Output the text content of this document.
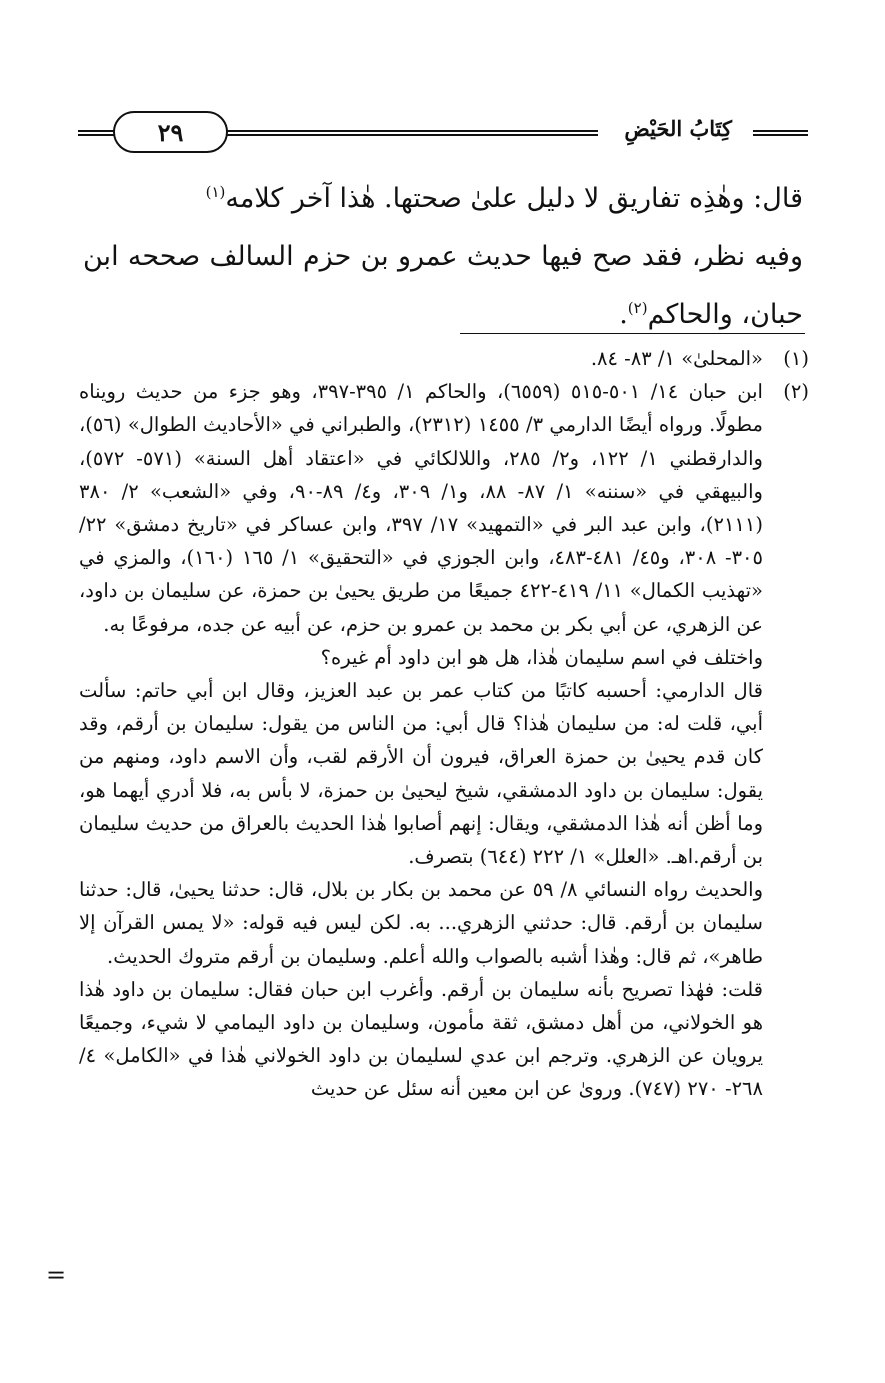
كِتَابُ الحَيْضِ
٢٩

قال: وهٰذِه تفاريق لا دليل علىٰ صحتها. هٰذا آخر كلامه$^{(١)}$

وفيه نظر، فقد صح فيها حديث عمرو بن حزم السالف صححه ابن حبان، والحاكم$^{(٢)}$.

(١)
«المحلىٰ» ١/ ٨٣- ٨٤.
(٢)

ابن حبان ١٤/ ٥٠١-٥١٥ (٦٥٥٩)، والحاكم ١/ ٣٩٥-٣٩٧، وهو جزء من حديث رويناه مطولًا. ورواه أيضًا الدارمي ٣/ ١٤٥٥ (٢٣١٢)، والطبراني في «الأحاديث الطوال» (٥٦)، والدارقطني ١/ ١٢٢، و٢/ ٢٨٥، واللالكائي في «اعتقاد أهل السنة» (٥٧١- ٥٧٢)، والبيهقي في «سننه» ١/ ٨٧- ٨٨، و١/ ٣٠٩، و٤/ ٨٩-٩٠، وفي «الشعب» ٢/ ٣٨٠ (٢١١١)، وابن عبد البر في «التمهيد» ١٧/ ٣٩٧، وابن عساكر في «تاريخ دمشق» ٢٢/ ٣٠٥- ٣٠٨، و٤٥/ ٤٨١-٤٨٣، وابن الجوزي في «التحقيق» ١/ ١٦٥ (١٦٠)، والمزي في «تهذيب الكمال» ١١/ ٤١٩-٤٢٢ جميعًا من طريق يحيىٰ بن حمزة، عن سليمان بن داود، عن الزهري، عن أبي بكر بن محمد بن عمرو بن حزم، عن أبيه عن جده، مرفوعًا به.

واختلف في اسم سليمان هٰذا، هل هو ابن داود أم غيره؟

قال الدارمي: أحسبه كاتبًا من كتاب عمر بن عبد العزيز، وقال ابن أبي حاتم: سألت أبي، قلت له: من سليمان هٰذا؟ قال أبي: من الناس من يقول: سليمان بن أرقم، وقد كان قدم يحيىٰ بن حمزة العراق، فيرون أن الأرقم لقب، وأن الاسم داود، ومنهم من يقول: سليمان بن داود الدمشقي، شيخ ليحيىٰ بن حمزة، لا بأس به، فلا أدري أيهما هو، وما أظن أنه هٰذا الدمشقي، ويقال: إنهم أصابوا هٰذا الحديث بالعراق من حديث سليمان بن أرقم.اهـ. «العلل» ١/ ٢٢٢ (٦٤٤) بتصرف.

والحديث رواه النسائي ٨/ ٥٩ عن محمد بن بكار بن بلال، قال: حدثنا يحيىٰ، قال: حدثنا سليمان بن أرقم. قال: حدثني الزهري... به. لكن ليس فيه قوله: «لا يمس القرآن إلا طاهر»، ثم قال: وهٰذا أشبه بالصواب والله أعلم. وسليمان بن أرقم متروك الحديث.

قلت: فهٰذا تصريح بأنه سليمان بن أرقم. وأغرب ابن حبان فقال: سليمان بن داود هٰذا هو الخولاني، من أهل دمشق، ثقة مأمون، وسليمان بن داود اليمامي لا شيء، وجميعًا يرويان عن الزهري. وترجم ابن عدي لسليمان بن داود الخولاني هٰذا في «الكامل» ٤/ ٢٦٨- ٢٧٠ (٧٤٧). وروىٰ عن ابن معين أنه سئل عن حديث

=
